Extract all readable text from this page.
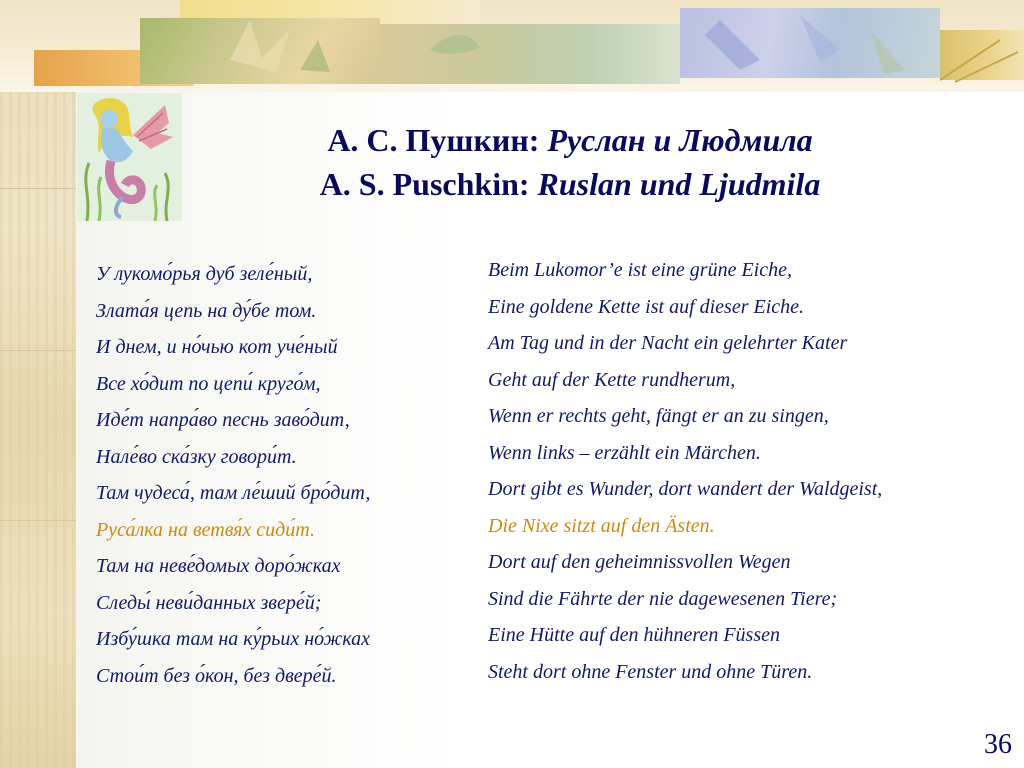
А. С. Пушкин: Руслан и Людмила
A. S. Puschkin: Ruslan und Ljudmila
У лукомо́рья дуб зеле́ный,
Злата́я цепь на ду́бе том.
И днем, и но́чью кот уче́ный
Все хо́дит по цепи́ круго́м,
Иде́т напра́во песнь заво́дит,
Нале́во ска́зку говори́т.
Там чудеса́, там ле́ший бро́дит,
Руса́лка на ветвя́х сиди́т.
Там на неве́домых доро́жках
Следы́ неви́данных звере́й;
Избу́шка там на ку́рьих но́жках
Стои́т без о́кон, без двере́й.
Beim Lukomor’e ist eine grüne Eiche,
Eine goldene Kette ist auf dieser Eiche.
Am Tag und in der Nacht ein gelehrter Kater
Geht auf der Kette rundherum,
Wenn er rechts geht, fängt er an zu singen,
Wenn links – erzählt ein Märchen.
Dort gibt es Wunder, dort wandert der Waldgeist,
Die Nixe sitzt auf den Ästen.
Dort auf den geheimnissvollen Wegen
Sind die Fährte der nie dagewesenen Tiere;
Eine Hütte auf den hühneren Füssen
Steht dort ohne Fenster und ohne Türen.
36
